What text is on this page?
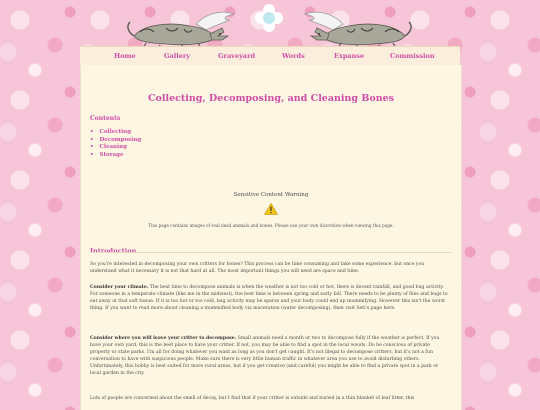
Home	Gallery	Graveyard	Words	Expanse	Commission
Collecting, Decomposing, and Cleaning Bones
Contents
• Collecting
• Decomposing
• Cleaning
• Storage
Sensitive Content Warning
This page contains images of real dead animals and bones. Please use your own discretion when viewing this page.
Introduction

So you're interested in decomposing your own critters for bones? This process can be time consuming and take some experience, but once you understand what it necessary it is not that hard at all. The most important things you will need are space and time.

Consider your climate. The best time to decompose animals is when the weather is not too cold or hot, there is decent rainfall, and good bug activity. For someone in a temperate climate (like me in the midwest), the best time is between spring and early fall. There needs to be plenty of flies and bugs to eat away at that soft tissue. If it is too hot or too cold, bug activity may be sparse and your body could end up mummifying. However this isn't the worst thing. If you want to read more about cleaning a mummified body via maceration (water decomposing), then visit Seti's page here.

Consider where you will leave your critter to decompose. Small animals need a month or two to decompose fully if the weather is perfect. If you have your own yard, this is the best place to have your critter. If not, you may be able to find a spot in the local woods. Do be conscious of private property or state parks. I'm all for doing whatever you want as long as you don't get caught. It's not illegal to decompose critters, but it's not a fun conversation to have with suspicious people. Make sure there is very little human traffic in whatever area you use to avoid disturbing others. Unfortunately, this hobby is best suited for more rural areas, but if you get creative (and careful) you might be able to find a private spot in a park or local garden in the city.

Lots of people are concerned about the smell of decay, but I find that if your critter is outside and buried in a thin blanket of leaf litter, this
